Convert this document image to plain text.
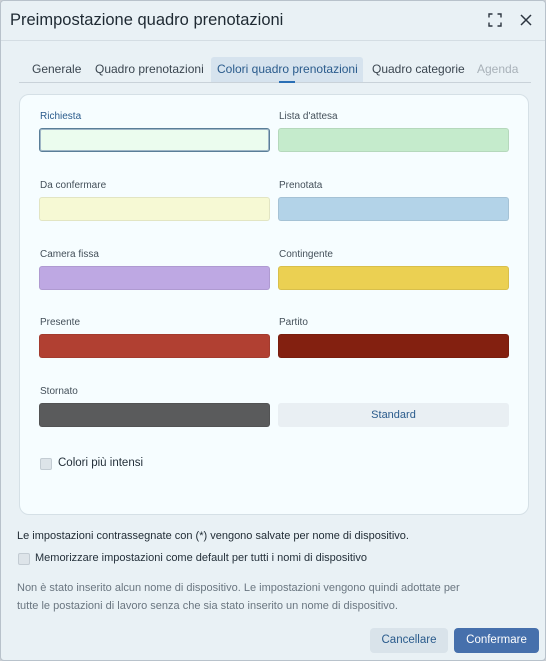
Preimpostazione quadro prenotazioni
Generale	Quadro prenotazioni	Colori quadro prenotazioni	Quadro categorie	Agenda
Richiesta	Lista d'attesa
Da confermare	Prenotata
Camera fissa	Contingente
Presente	Partito
Stornato
Standard
Colori più intensi
Le impostazioni contrassegnate con (*) vengono salvate per nome di dispositivo.
Memorizzare impostazioni come default per tutti i nomi di dispositivo
Non è stato inserito alcun nome di dispositivo. Le impostazioni vengono quindi adottate per
tutte le postazioni di lavoro senza che sia stato inserito un nome di dispositivo.
Cancellare	Confermare
